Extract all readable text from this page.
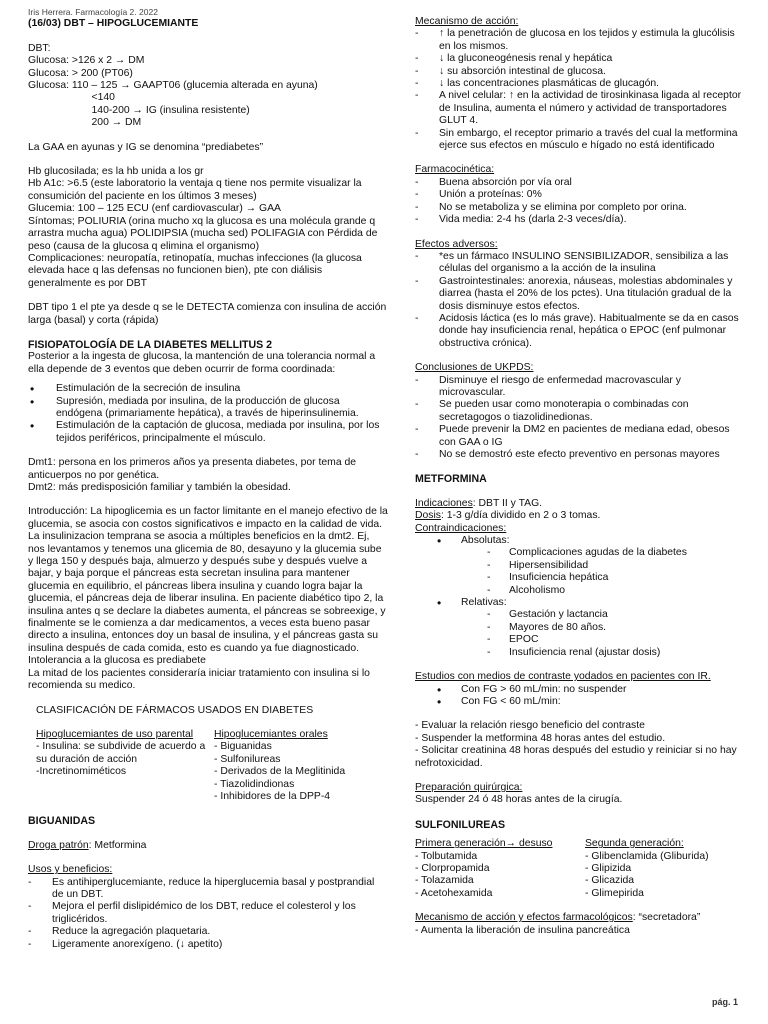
Iris Herrera. Farmacología 2. 2022
(16/03) DBT – HIPOGLUCEMIANTE
DBT:
Glucosa: >126 x 2 → DM
Glucosa: > 200 (PT06)
Glucosa: 110 – 125 → GAAPT06 (glucemia alterada en ayuna)
<140
140-200 → IG (insulina resistente)
200 → DM
La GAA en ayunas y IG se denomina “prediabetes”
Hb glucosilada; es la hb unida a los gr
Hb A1c: >6.5 (este laboratorio la ventaja q tiene nos permite visualizar la consumición del paciente en los últimos 3 meses)
Glucemia: 100 – 125 ECU (enf cardiovascular) → GAA
Síntomas; POLIURIA (orina mucho xq la glucosa es una molécula grande q arrastra mucha agua) POLIDIPSIA (mucha sed) POLIFAGIA con Pérdida de peso (causa de la glucosa q elimina el organismo)
Complicaciones: neuropatía, retinopatía, muchas infecciones (la glucosa elevada hace q las defensas no funcionen bien), pte con diálisis generalmente es por DBT
DBT tipo 1 el pte ya desde q se le DETECTA comienza con insulina de acción larga (basal) y corta (rápida)
FISIOPATOLOGÍA DE LA DIABETES MELLITUS 2
Posterior a la ingesta de glucosa, la mantención de una tolerancia normal a ella depende de 3 eventos que deben ocurrir de forma coordinada:
• Estimulación de la secreción de insulina
• Supresión, mediada por insulina, de la producción de glucosa endógena (primariamente hepática), a través de hiperinsulinemia.
• Estimulación de la captación de glucosa, mediada por insulina, por los tejidos periféricos, principalmente el músculo.
Dmt1: persona en los primeros años ya presenta diabetes, por tema de anticuerpos no por genética.
Dmt2: más predisposición familiar y también la obesidad.
Introducción: La hipoglicemia es un factor limitante en el manejo efectivo de la glucemia, se asocia con costos significativos e impacto en la calidad de vida.
La insulinizacion temprana se asocia a múltiples beneficios en la dmt2. Ej, nos levantamos y tenemos una glicemia de 80, desayuno y la glucemia sube y llega 150 y después baja, almuerzo y después sube y después vuelve a bajar, y baja porque el páncreas esta secretan insulina para mantener glucemia en equilibrio, el páncreas libera insulina y cuando logra bajar la glucemia, el páncreas deja de liberar insulina. En paciente diabético tipo 2, la insulina antes q se declare la diabetes aumenta, el páncreas se sobreexige, y finalmente se le comienza a dar medicamentos, a veces esta bueno pasar directo a insulina, entonces doy un basal de insulina, y el páncreas gasta su insulina después de cada comida, esto es cuando ya fue diagnosticado. Intolerancia a la glucosa es prediabete
La mitad de los pacientes consideraría iniciar tratamiento con insulina si lo recomienda su medico.
CLASIFICACIÓN DE FÁRMACOS USADOS EN DIABETES
Hipoglucemiantes de uso parental
- Insulina: se subdivide de acuerdo a su duración de acción
-Incretinomiméticos
Hipoglucemiantes orales
- Biguanidas
- Sulfonilureas
- Derivados de la Meglitinida
- Tiazolidindionas
- Inhibidores de la DPP-4
BIGUANIDAS
Droga patrón: Metformina
Usos y beneficios:
- Es antihiperglucemiante, reduce la hiperglucemia basal y postprandial de un DBT.
- Mejora el perfil dislipidémico de los DBT, reduce el colesterol y los triglicéridos.
- Reduce la agregación plaquetaria.
- Ligeramente anorexígeno. (↓ apetito)
Mecanismo de acción:
- ↑ la penetración de glucosa en los tejidos y estimula la glucólisis en los mismos.
- ↓ la gluconeogénesis renal y hepática
- ↓ su absorción intestinal de glucosa.
- ↓ las concentraciones plasmáticas de glucagón.
- A nivel celular: ↑ en la actividad de tirosinkinasa ligada al receptor de Insulina, aumenta el número y actividad de transportadores GLUT 4.
- Sin embargo, el receptor primario a través del cual la metformina ejerce sus efectos en músculo e hígado no está identificado
Farmacocinética:
- Buena absorción por vía oral
- Unión a proteínas: 0%
- No se metaboliza y se elimina por completo por orina.
- Vida media: 2-4 hs (darla 2-3 veces/día).
Efectos adversos:
- *es un fármaco INSULINO SENSIBILIZADOR, sensibiliza a las células del organismo a la acción de la insulina
- Gastrointestinales: anorexia, náuseas, molestias abdominales y diarrea (hasta el 20% de los pctes). Una titulación gradual de la dosis disminuye estos efectos.
- Acidosis láctica (es lo más grave). Habitualmente se da en casos donde hay insuficiencia renal, hepática o EPOC (enf pulmonar obstructiva crónica).
Conclusiones de UKPDS:
- Disminuye el riesgo de enfermedad macrovascular y microvascular.
- Se pueden usar como monoterapia o combinadas con secretagogos o tiazolidinedionas.
- Puede prevenir la DM2 en pacientes de mediana edad, obesos con GAA o IG
- No se demostró este efecto preventivo en personas mayores
METFORMINA
Indicaciones: DBT II y TAG.
Dosis: 1-3 g/día dividido en 2 o 3 tomas.
Contraindicaciones:
• Absolutas:
- Complicaciones agudas de la diabetes
- Hipersensibilidad
- Insuficiencia hepática
- Alcoholismo
• Relativas:
- Gestación y lactancia
- Mayores de 80 años.
- EPOC
- Insuficiencia renal (ajustar dosis)
Estudios con medios de contraste yodados en pacientes con IR.
• Con FG > 60 mL/min: no suspender
• Con FG < 60 mL/min:
- Evaluar la relación riesgo beneficio del contraste
- Suspender la metformina 48 horas antes del estudio.
- Solicitar creatinina 48 horas después del estudio y reiniciar si no hay nefrotoxicidad.
Preparación quirúrgica:
Suspender 24 ó 48 horas antes de la cirugía.
SULFONILUREAS
Primera generación→ desuso
- Tolbutamida
- Clorpropamida
- Tolazamida
- Acetohexamida
Segunda generación:
- Glibenclamida (Gliburida)
- Glipizida
- Glicazida
- Glimepirida
Mecanismo de acción y efectos farmacológicos: “secretadora”
- Aumenta la liberación de insulina pancreática
pág. 1
